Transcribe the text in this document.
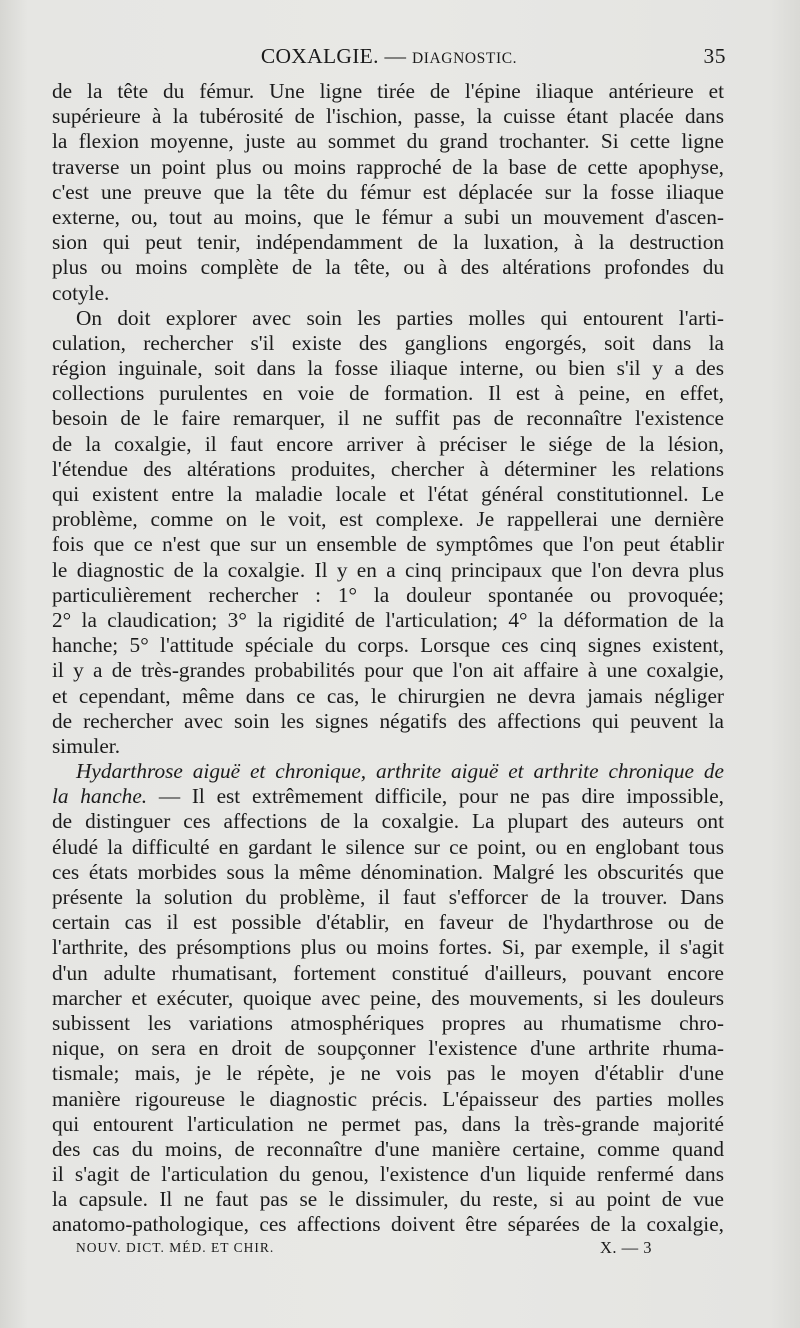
COXALGIE. — DIAGNOSTIC.	35
de la tête du fémur. Une ligne tirée de l'épine iliaque antérieure et
supérieure à la tubérosité de l'ischion, passe, la cuisse étant placée dans
la flexion moyenne, juste au sommet du grand trochanter. Si cette ligne
traverse un point plus ou moins rapproché de la base de cette apophyse,
c'est une preuve que la tête du fémur est déplacée sur la fosse iliaque
externe, ou, tout au moins, que le fémur a subi un mouvement d'ascen-
sion qui peut tenir, indépendamment de la luxation, à la destruction
plus ou moins complète de la tête, ou à des altérations profondes du
cotyle.
On doit explorer avec soin les parties molles qui entourent l'arti-
culation, rechercher s'il existe des ganglions engorgés, soit dans la
région inguinale, soit dans la fosse iliaque interne, ou bien s'il y a des
collections purulentes en voie de formation. Il est à peine, en effet,
besoin de le faire remarquer, il ne suffit pas de reconnaître l'existence
de la coxalgie, il faut encore arriver à préciser le siége de la lésion,
l'étendue des altérations produites, chercher à déterminer les relations
qui existent entre la maladie locale et l'état général constitutionnel. Le
problème, comme on le voit, est complexe. Je rappellerai une dernière
fois que ce n'est que sur un ensemble de symptômes que l'on peut établir
le diagnostic de la coxalgie. Il y en a cinq principaux que l'on devra plus
particulièrement rechercher : 1° la douleur spontanée ou provoquée;
2° la claudication; 3° la rigidité de l'articulation; 4° la déformation de la
hanche; 5° l'attitude spéciale du corps. Lorsque ces cinq signes existent,
il y a de très-grandes probabilités pour que l'on ait affaire à une coxalgie,
et cependant, même dans ce cas, le chirurgien ne devra jamais négliger
de rechercher avec soin les signes négatifs des affections qui peuvent la
simuler.
Hydarthrose aiguë et chronique, arthrite aiguë et arthrite chronique de
la hanche. — Il est extrêmement difficile, pour ne pas dire impossible,
de distinguer ces affections de la coxalgie. La plupart des auteurs ont
éludé la difficulté en gardant le silence sur ce point, ou en englobant tous
ces états morbides sous la même dénomination. Malgré les obscurités que
présente la solution du problème, il faut s'efforcer de la trouver. Dans
certain cas il est possible d'établir, en faveur de l'hydarthrose ou de
l'arthrite, des présomptions plus ou moins fortes. Si, par exemple, il s'agit
d'un adulte rhumatisant, fortement constitué d'ailleurs, pouvant encore
marcher et exécuter, quoique avec peine, des mouvements, si les douleurs
subissent les variations atmosphériques propres au rhumatisme chro-
nique, on sera en droit de soupçonner l'existence d'une arthrite rhuma-
tismale; mais, je le répète, je ne vois pas le moyen d'établir d'une
manière rigoureuse le diagnostic précis. L'épaisseur des parties molles
qui entourent l'articulation ne permet pas, dans la très-grande majorité
des cas du moins, de reconnaître d'une manière certaine, comme quand
il s'agit de l'articulation du genou, l'existence d'un liquide renfermé dans
la capsule. Il ne faut pas se le dissimuler, du reste, si au point de vue
anatomo-pathologique, ces affections doivent être séparées de la coxalgie,
NOUV. DICT. MÉD. ET CHIR.	X. — 3
